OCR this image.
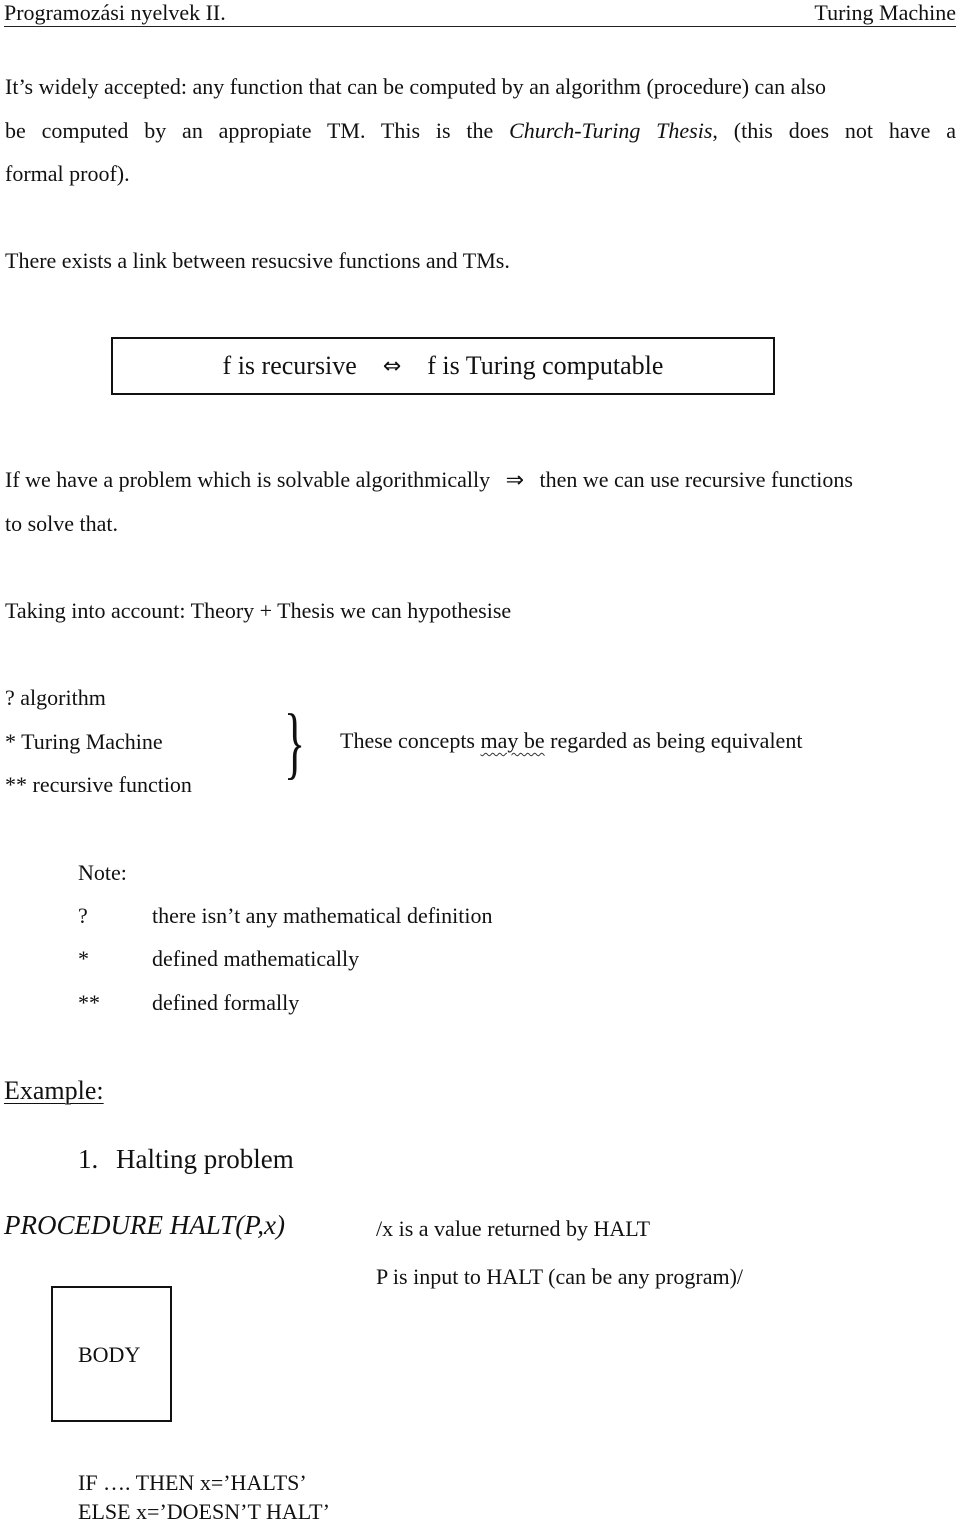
Programozási nyelvek II.	Turing Machine
It’s widely accepted: any function that can be computed by an algorithm (procedure) can also
formal proof).
There exists a link between resucsive functions and TMs.
f is recursive ⇔ f is Turing computable
If we have a problem which is solvable algorithmically ⇒ then we can use recursive functions
to solve that.
Taking into account: Theory + Thesis we can hypothesise
? algorithm
* Turing Machine
** recursive function } These concepts may be regarded as being equivalent
Note:
?	there isn’t any mathematical definition
*	defined mathematically
** defined formally
Example:
1. Halting problem
PROCEDURE HALT(P,x)	/x is a value returned by HALT
P is input to HALT (can be any program)/
BODY
IF …. THEN x=’HALTS’
ELSE x=’DOESN’T HALT’
be computed by an appropiate TM. This is the Church-Turing Thesis, (this does not have a
